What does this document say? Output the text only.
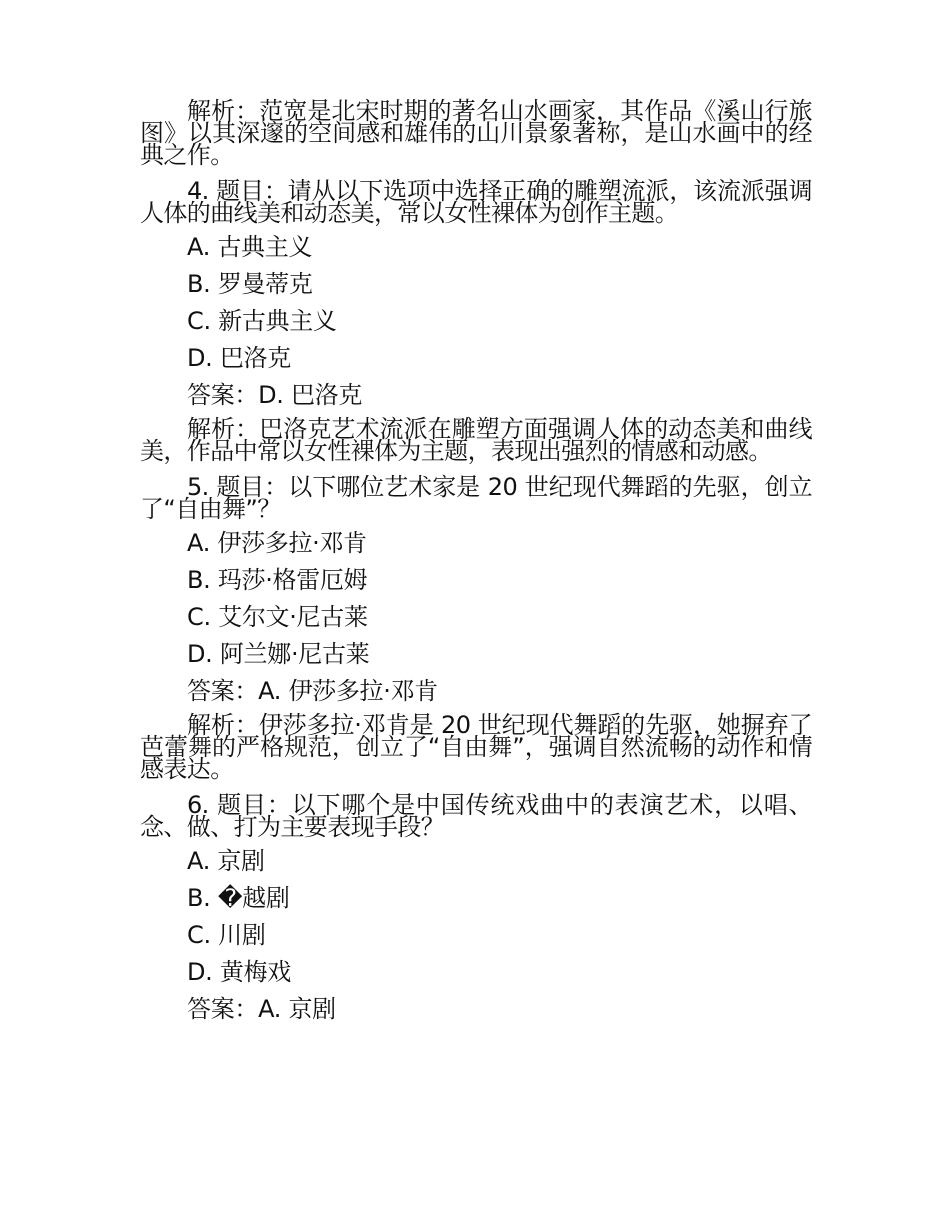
解析：范宽是北宋时期的著名山水画家，其作品《溪山行旅图》以其深邃的空间感和雄伟的山川景象著称，是山水画中的经典之作。

4. 题目：请从以下选项中选择正确的雕塑流派，该流派强调人体的曲线美和动态美，常以女性裸体为创作主题。

A. 古典主义

B. 罗曼蒂克

C. 新古典主义

D. 巴洛克

答案：D. 巴洛克

解析：巴洛克艺术流派在雕塑方面强调人体的动态美和曲线美，作品中常以女性裸体为主题，表现出强烈的情感和动感。

5. 题目：以下哪位艺术家是 20 世纪现代舞蹈的先驱，创立了“自由舞”？

A. 伊莎多拉·邓肯

B. 玛莎·格雷厄姆

C. 艾尔文·尼古莱

D. 阿兰娜·尼古莱

答案：A. 伊莎多拉·邓肯

解析：伊莎多拉·邓肯是 20 世纪现代舞蹈的先驱，她摒弃了芭蕾舞的严格规范，创立了“自由舞”，强调自然流畅的动作和情感表达。

6. 题目：以下哪个是中国传统戏曲中的表演艺术，以唱、念、做、打为主要表现手段？

A. 京剧

B. �越剧

C. 川剧

D. 黄梅戏

答案：A. 京剧
